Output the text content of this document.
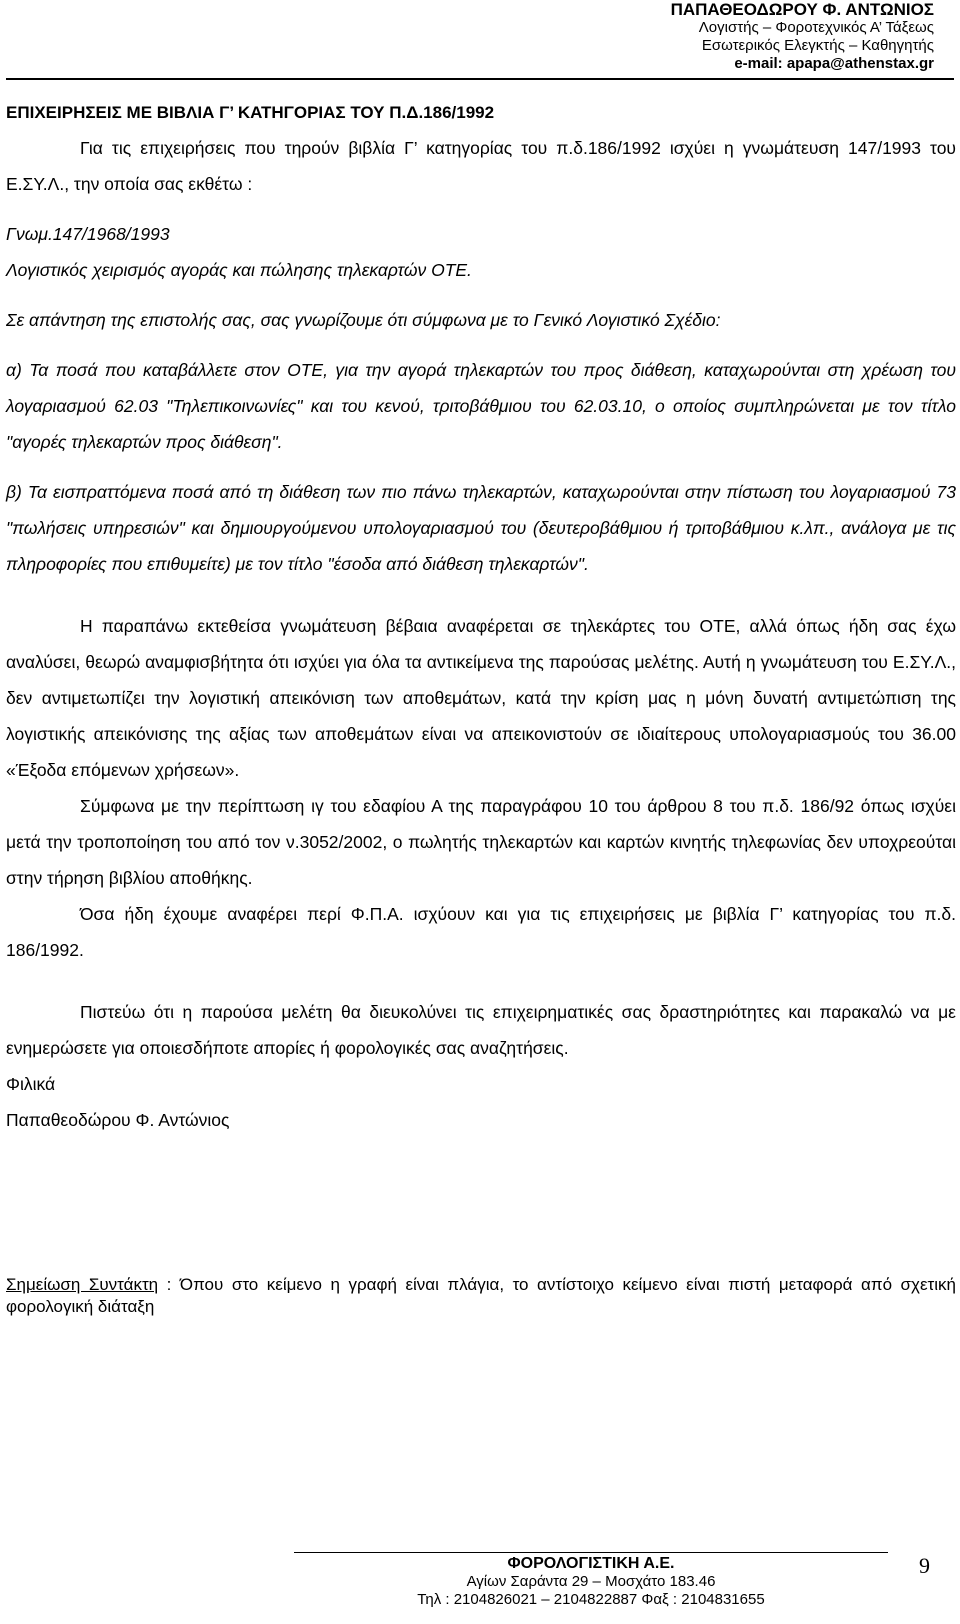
ΠΑΠΑΘΕΟΔΩΡΟΥ Φ. ΑΝΤΩΝΙΟΣ
Λογιστής – Φοροτεχνικός Α’ Τάξεως
Εσωτερικός Ελεγκτής – Καθηγητής
e-mail: apapa@athenstax.gr

ΕΠΙΧΕΙΡΗΣΕΙΣ ΜΕ ΒΙΒΛΙΑ Γ’ ΚΑΤΗΓΟΡΙΑΣ ΤΟΥ Π.Δ.186/1992

Για τις επιχειρήσεις που τηρούν βιβλία Γ’ κατηγορίας του π.δ.186/1992 ισχύει η γνωμάτευση 147/1993 του Ε.ΣΥ.Λ., την οποία σας εκθέτω :

Γνωμ.147/1968/1993

Λογιστικός χειρισμός αγοράς και πώλησης τηλεκαρτών ΟΤΕ.

Σε απάντηση της επιστολής σας, σας γνωρίζουμε ότι σύμφωνα με το Γενικό Λογιστικό Σχέδιο:

α) Τα ποσά που καταβάλλετε στον ΟΤΕ, για την αγορά τηλεκαρτών του προς διάθεση, καταχωρούνται στη χρέωση του λογαριασμού 62.03 "Τηλεπικοινωνίες" και του κενού, τριτοβάθμιου του 62.03.10, ο οποίος συμπληρώνεται με τον τίτλο "αγορές τηλεκαρτών προς διάθεση".

β) Τα εισπραττόμενα ποσά από τη διάθεση των πιο πάνω τηλεκαρτών, καταχωρούνται στην πίστωση του λογαριασμού 73 "πωλήσεις υπηρεσιών" και δημιουργούμενου υπολογαριασμού του (δευτεροβάθμιου ή τριτοβάθμιου κ.λπ., ανάλογα με τις πληροφορίες που επιθυμείτε) με τον τίτλο "έσοδα από διάθεση τηλεκαρτών".

Η παραπάνω εκτεθείσα γνωμάτευση βέβαια αναφέρεται σε τηλεκάρτες του ΟΤΕ, αλλά όπως ήδη σας έχω αναλύσει, θεωρώ αναμφισβήτητα ότι ισχύει για όλα τα αντικείμενα της παρούσας μελέτης. Αυτή η γνωμάτευση του Ε.ΣΥ.Λ., δεν αντιμετωπίζει την λογιστική απεικόνιση των αποθεμάτων, κατά την κρίση μας η μόνη δυνατή αντιμετώπιση της λογιστικής απεικόνισης της αξίας των αποθεμάτων είναι να απεικονιστούν σε ιδιαίτερους υπολογαριασμούς του 36.00 «Έξοδα επόμενων χρήσεων».

Σύμφωνα με την περίπτωση ιγ του εδαφίου Α της παραγράφου 10 του άρθρου 8 του π.δ. 186/92 όπως ισχύει μετά την τροποποίηση του από τον ν.3052/2002, ο πωλητής τηλεκαρτών και καρτών κινητής τηλεφωνίας δεν υποχρεούται στην τήρηση βιβλίου αποθήκης.

Όσα ήδη έχουμε αναφέρει περί Φ.Π.Α. ισχύουν και για τις επιχειρήσεις με βιβλία Γ’ κατηγορίας του π.δ. 186/1992.

Πιστεύω ότι η παρούσα μελέτη θα διευκολύνει τις επιχειρηματικές σας δραστηριότητες και παρακαλώ να με ενημερώσετε για οποιεσδήποτε απορίες ή φορολογικές σας αναζητήσεις.

Φιλικά

Παπαθεοδώρου Φ. Αντώνιος

Σημείωση Συντάκτη : Όπου στο κείμενο η γραφή είναι πλάγια, το αντίστοιχο κείμενο είναι πιστή μεταφορά από σχετική φορολογική διάταξη

ΦΟΡΟΛΟΓΙΣΤΙΚΗ Α.Ε.
Αγίων Σαράντα 29 – Μοσχάτο 183.46
Τηλ : 2104826021 – 2104822887 Φαξ : 2104831655
9
